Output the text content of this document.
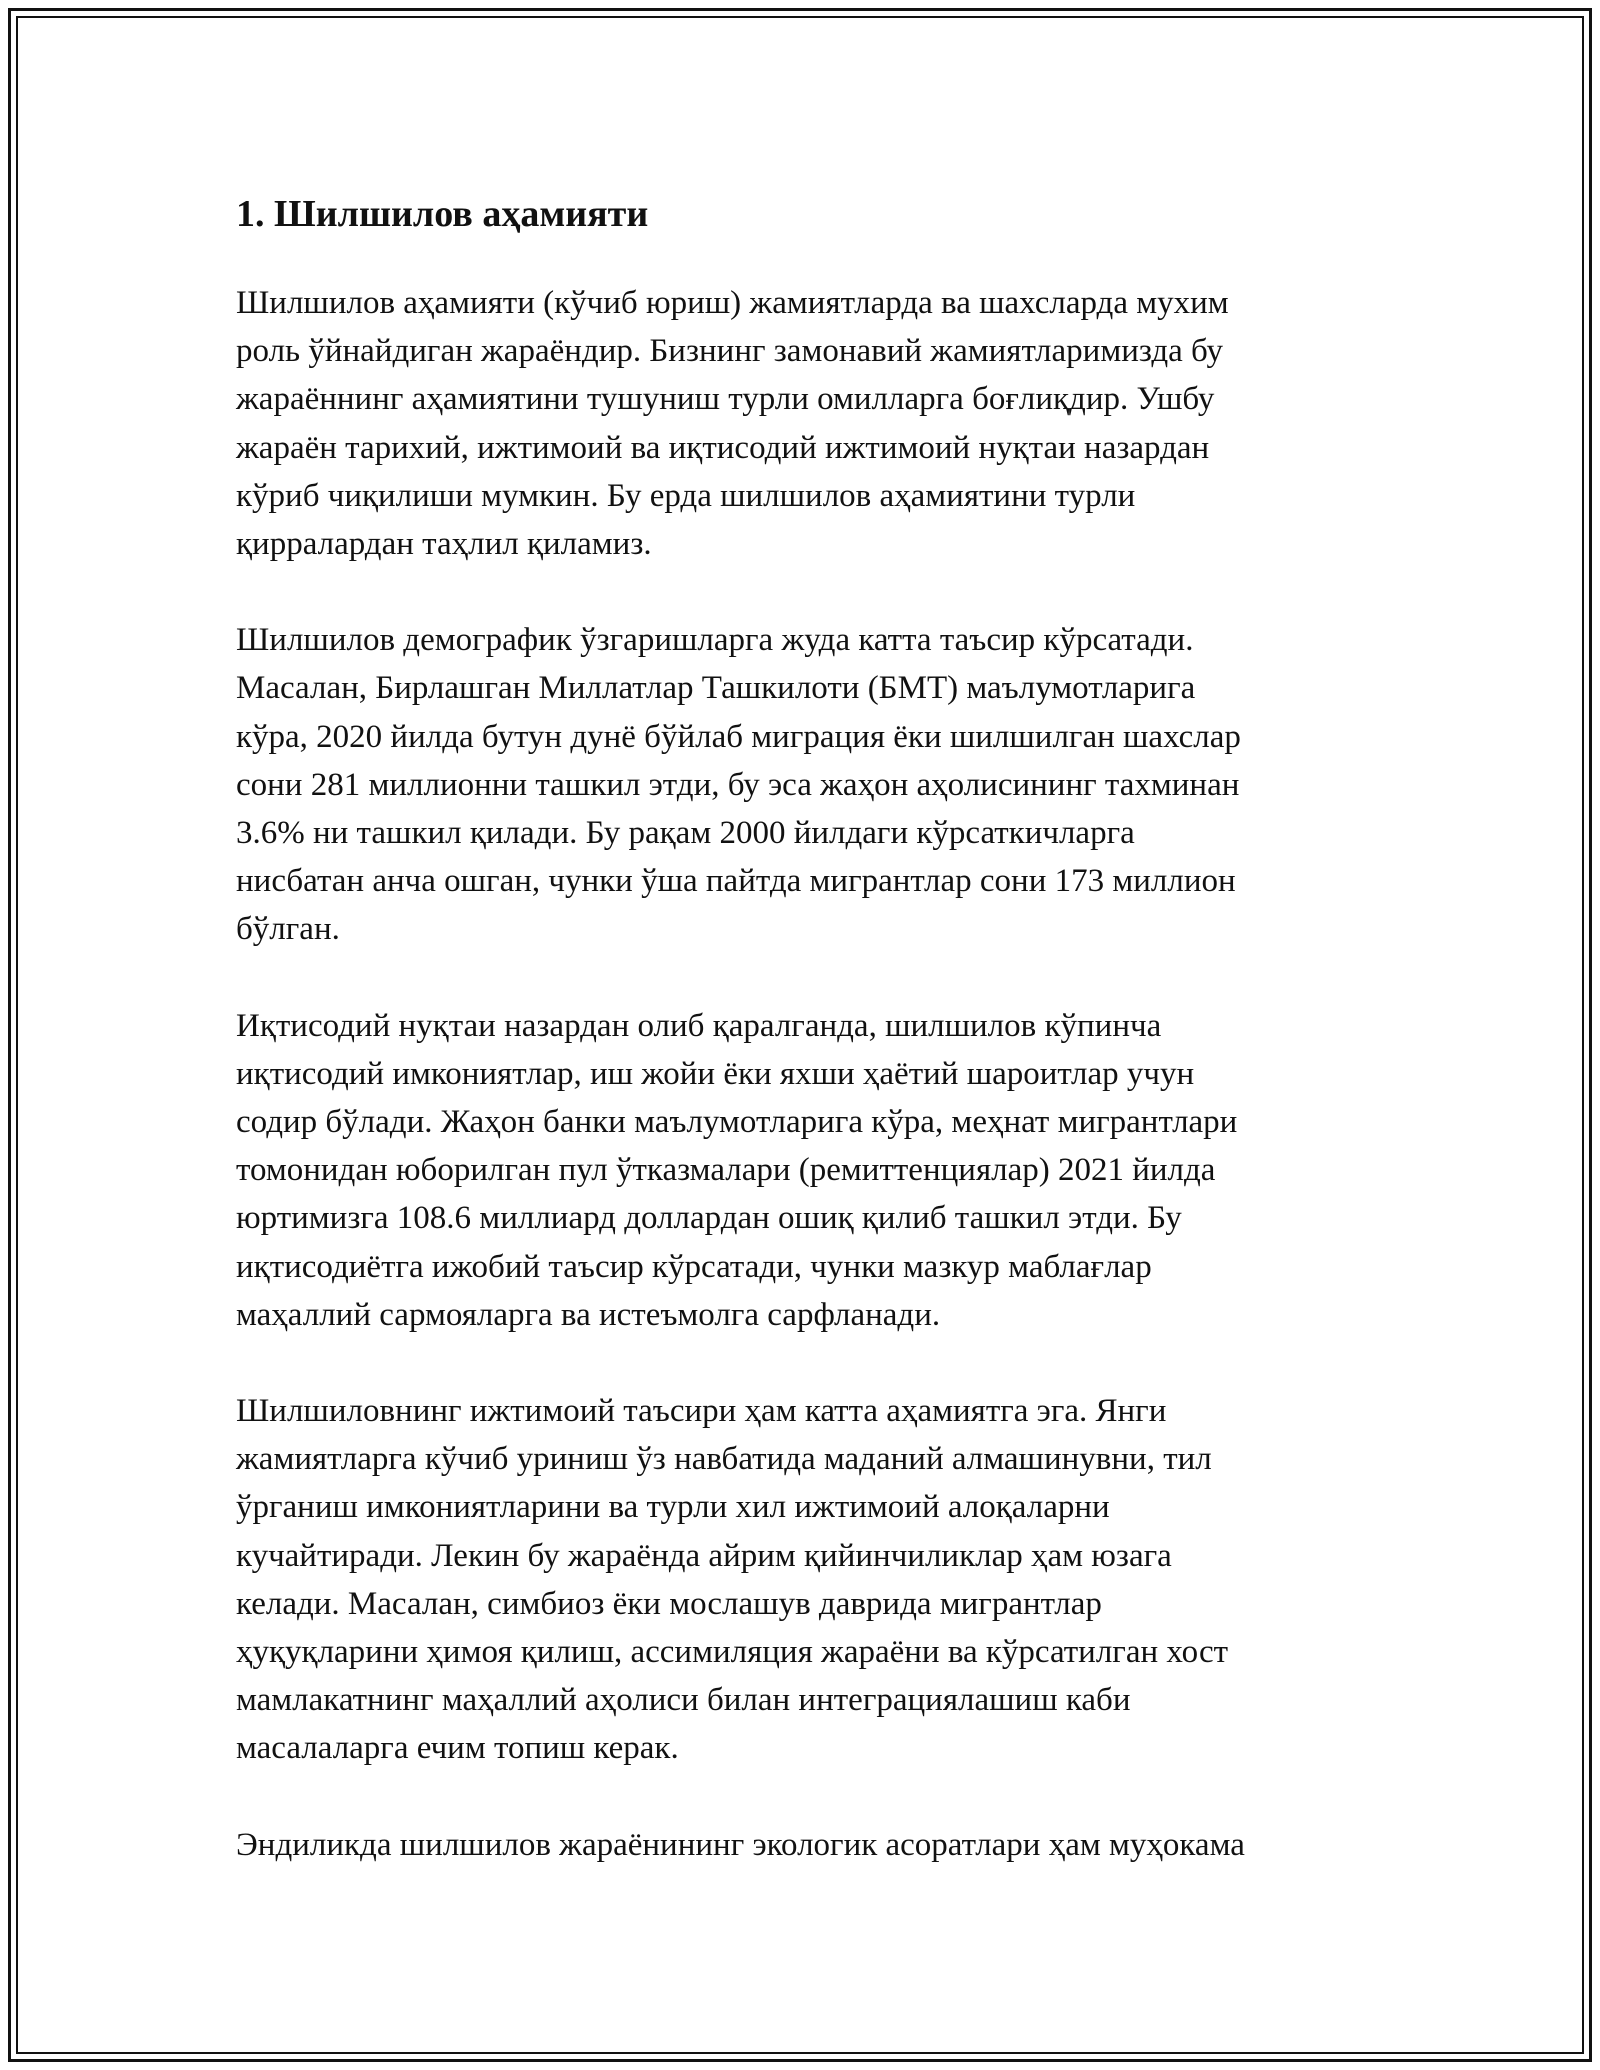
1. Шилшилов аҳамияти

Шилшилов аҳамияти (кўчиб юриш) жамиятларда ва шахсларда мухим
роль ўйнайдиган жараёндир. Бизнинг замонавий жамиятларимизда бу
жараённинг аҳамиятини тушуниш турли омилларга боғлиқдир. Ушбу
жараён тарихий, ижтимоий ва иқтисодий ижтимоий нуқтаи назардан
кўриб чиқилиши мумкин. Бу ерда шилшилов аҳамиятини турли
қирралардан таҳлил қиламиз.

Шилшилов демографик ўзгаришларга жуда катта таъсир кўрсатади.
Масалан, Бирлашган Миллатлар Ташкилоти (БМТ) маълумотларига
кўра, 2020 йилда бутун дунё бўйлаб миграция ёки шилшилган шахслар
сони 281 миллионни ташкил этди, бу эса жаҳон аҳолисининг тахминан
3.6% ни ташкил қилади. Бу рақам 2000 йилдаги кўрсаткичларга
нисбатан анча ошган, чунки ўша пайтда мигрантлар сони 173 миллион
бўлган.

Иқтисодий нуқтаи назардан олиб қаралганда, шилшилов кўпинча
иқтисодий имкониятлар, иш жойи ёки яхши ҳаётий шароитлар учун
содир бўлади. Жаҳон банки маълумотларига кўра, меҳнат мигрантлари
томонидан юборилган пул ўтказмалари (ремиттенциялар) 2021 йилда
юртимизга 108.6 миллиард доллардан ошиқ қилиб ташкил этди. Бу
иқтисодиётга ижобий таъсир кўрсатади, чунки мазкур маблағлар
маҳаллий сармояларга ва истеъмолга сарфланади.

Шилшиловнинг ижтимоий таъсири ҳам катта аҳамиятга эга. Янги
жамиятларга кўчиб уриниш ўз навбатида маданий алмашинувни, тил
ўрганиш имкониятларини ва турли хил ижтимоий алоқаларни
кучайтиради. Лекин бу жараёнда айрим қийинчиликлар ҳам юзага
келади. Масалан, симбиоз ёки мослашув даврида мигрантлар
ҳуқуқларини ҳимоя қилиш, ассимиляция жараёни ва кўрсатилган хост
мамлакатнинг маҳаллий аҳолиси билан интеграциялашиш каби
масалаларга ечим топиш керак.

Эндиликда шилшилов жараёнининг экологик асоратлари ҳам муҳокама
